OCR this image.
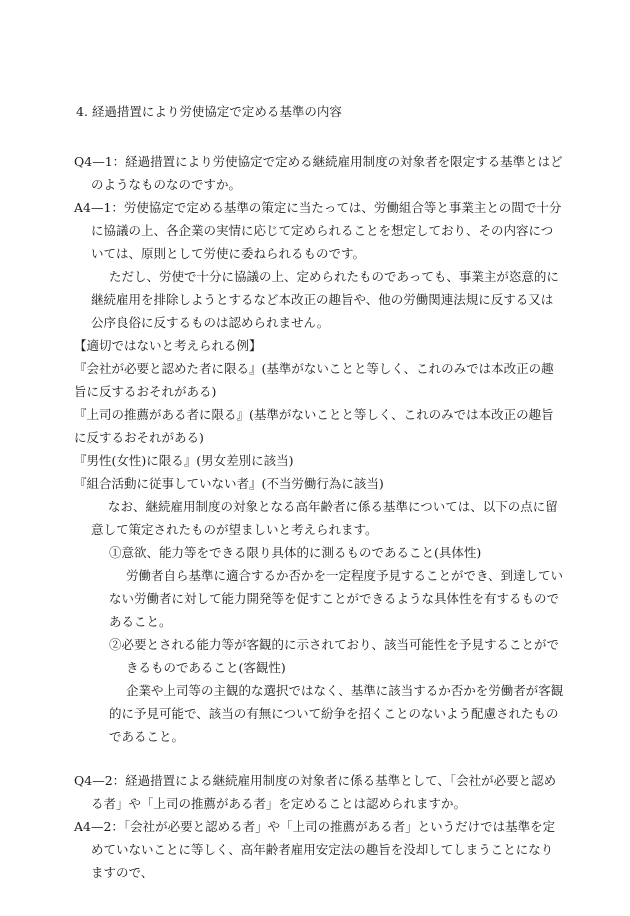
4. 経過措置により労使協定で定める基準の内容

Q4—1：経過措置により労使協定で定める継続雇用制度の対象者を限定する基準とはどのようなものなのですか。

A4—1：労使協定で定める基準の策定に当たっては、労働組合等と事業主との間で十分に協議の上、各企業の実情に応じて定められることを想定しており、その内容については、原則として労使に委ねられるものです。

ただし、労使で十分に協議の上、定められたものであっても、事業主が恣意的に継続雇用を排除しようとするなど本改正の趣旨や、他の労働関連法規に反する又は公序良俗に反するものは認められません。

【適切ではないと考えられる例】

『会社が必要と認めた者に限る』(基準がないことと等しく、これのみでは本改正の趣旨に反するおそれがある)

『上司の推薦がある者に限る』(基準がないことと等しく、これのみでは本改正の趣旨に反するおそれがある)

『男性(女性)に限る』(男女差別に該当)

『組合活動に従事していない者』(不当労働行為に該当)

なお、継続雇用制度の対象となる高年齢者に係る基準については、以下の点に留意して策定されたものが望ましいと考えられます。

①意欲、能力等をできる限り具体的に測るものであること(具体性)

労働者自ら基準に適合するか否かを一定程度予見することができ、到達していない労働者に対して能力開発等を促すことができるような具体性を有するものであること。

②必要とされる能力等が客観的に示されており、該当可能性を予見することができるものであること(客観性)

企業や上司等の主観的な選択ではなく、基準に該当するか否かを労働者が客観的に予見可能で、該当の有無について紛争を招くことのないよう配慮されたものであること。

Q4—2：経過措置による継続雇用制度の対象者に係る基準として、「会社が必要と認める者」や「上司の推薦がある者」を定めることは認められますか。

A4—2：「会社が必要と認める者」や「上司の推薦がある者」というだけでは基準を定めていないことに等しく、高年齢者雇用安定法の趣旨を没却してしまうことになりますので、
